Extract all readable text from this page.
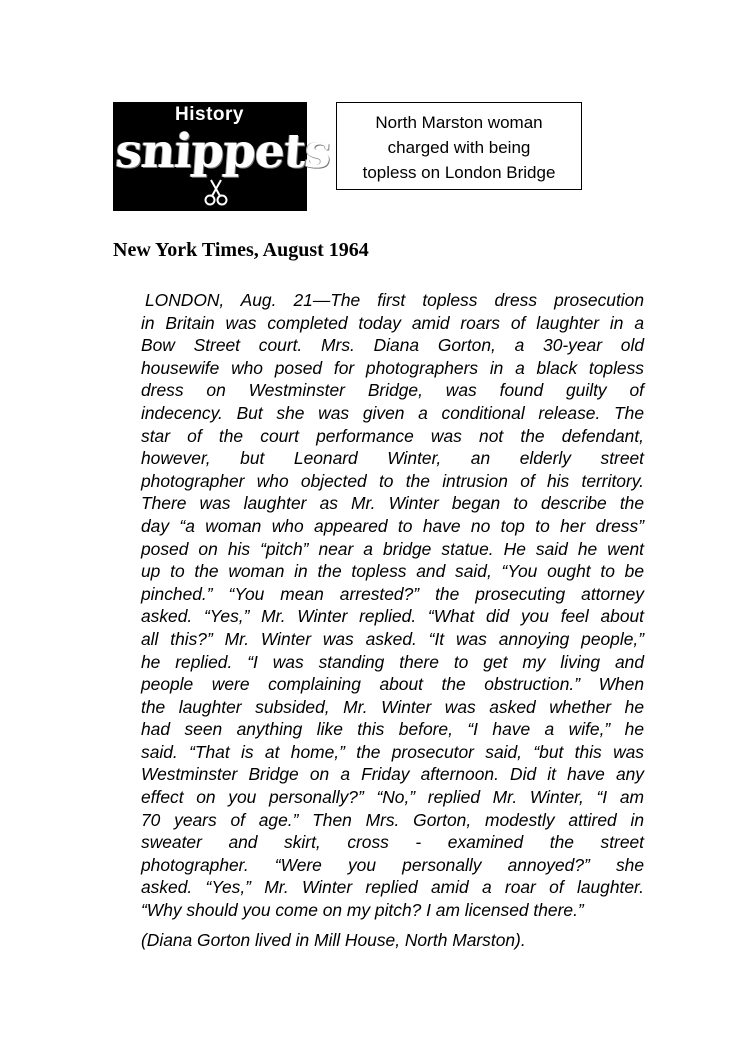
History
snippets
North Marston woman
charged with being
topless on London Bridge
New York Times, August 1964

LONDON, Aug. 21—The first topless dress prosecution
in Britain was completed today amid roars of laughter in a
Bow Street court. Mrs. Diana Gorton, a 30-year old
housewife who posed for photographers in a black topless
dress on Westminster Bridge, was found guilty of
indecency. But she was given a conditional release. The
star of the court performance was not the defendant,
however, but Leonard Winter, an elderly street
photographer who objected to the intrusion of his territory.
There was laughter as Mr. Winter began to describe the
day “a woman who appeared to have no top to her dress”
posed on his “pitch” near a bridge statue. He said he went
up to the woman in the topless and said, “You ought to be
pinched.” “You mean arrested?” the prosecuting attorney
asked. “Yes,” Mr. Winter replied. “What did you feel about
all this?” Mr. Winter was asked. “It was annoying people,”
he replied. “I was standing there to get my living and
people were complaining about the obstruction.” When
the laughter subsided, Mr. Winter was asked whether he
had seen anything like this before, “I have a wife,” he
said. “That is at home,” the prosecutor said, “but this was
Westminster Bridge on a Friday afternoon. Did it have any
effect on you personally?” “No,” replied Mr. Winter, “I am
70 years of age.” Then Mrs. Gorton, modestly attired in
sweater and skirt, cross - examined the street
photographer. “Were you personally annoyed?” she
asked. “Yes,” Mr. Winter replied amid a roar of laughter.
“Why should you come on my pitch? I am licensed there.”

(Diana Gorton lived in Mill House, North Marston).
